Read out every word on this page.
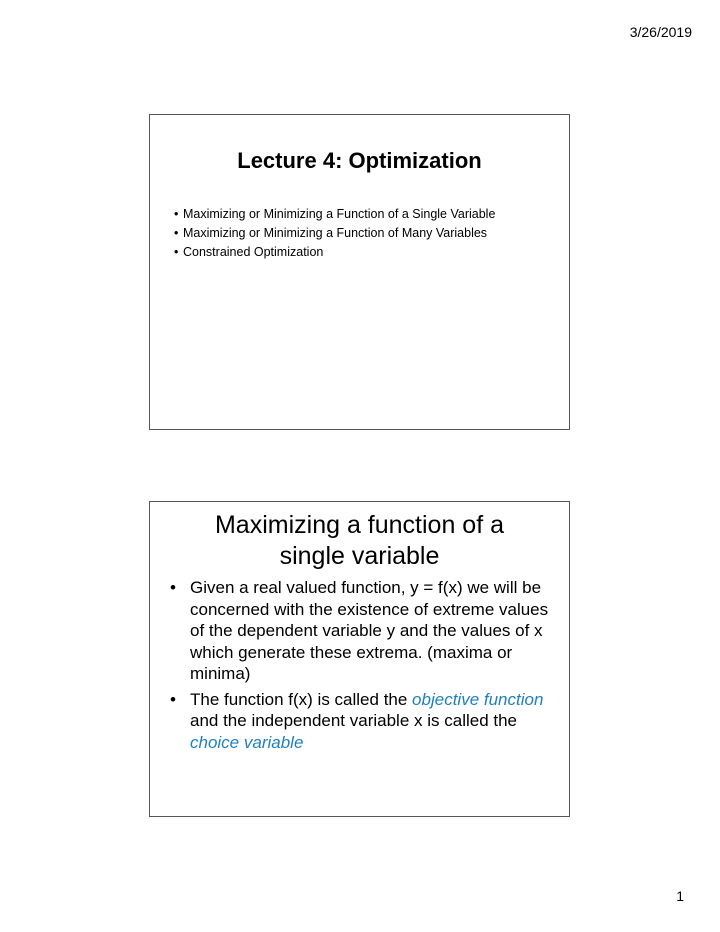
3/26/2019
Lecture 4: Optimization
• Maximizing or Minimizing a Function of a Single Variable
• Maximizing or Minimizing a Function of Many Variables
• Constrained Optimization
Maximizing a function of a
single variable
• Given a real valued function, y = f(x) we will be concerned with the existence of extreme values of the dependent variable y and the values of x which generate these extrema. (maxima or minima)
• The function f(x) is called the objective function and the independent variable x is called the choice variable
1
